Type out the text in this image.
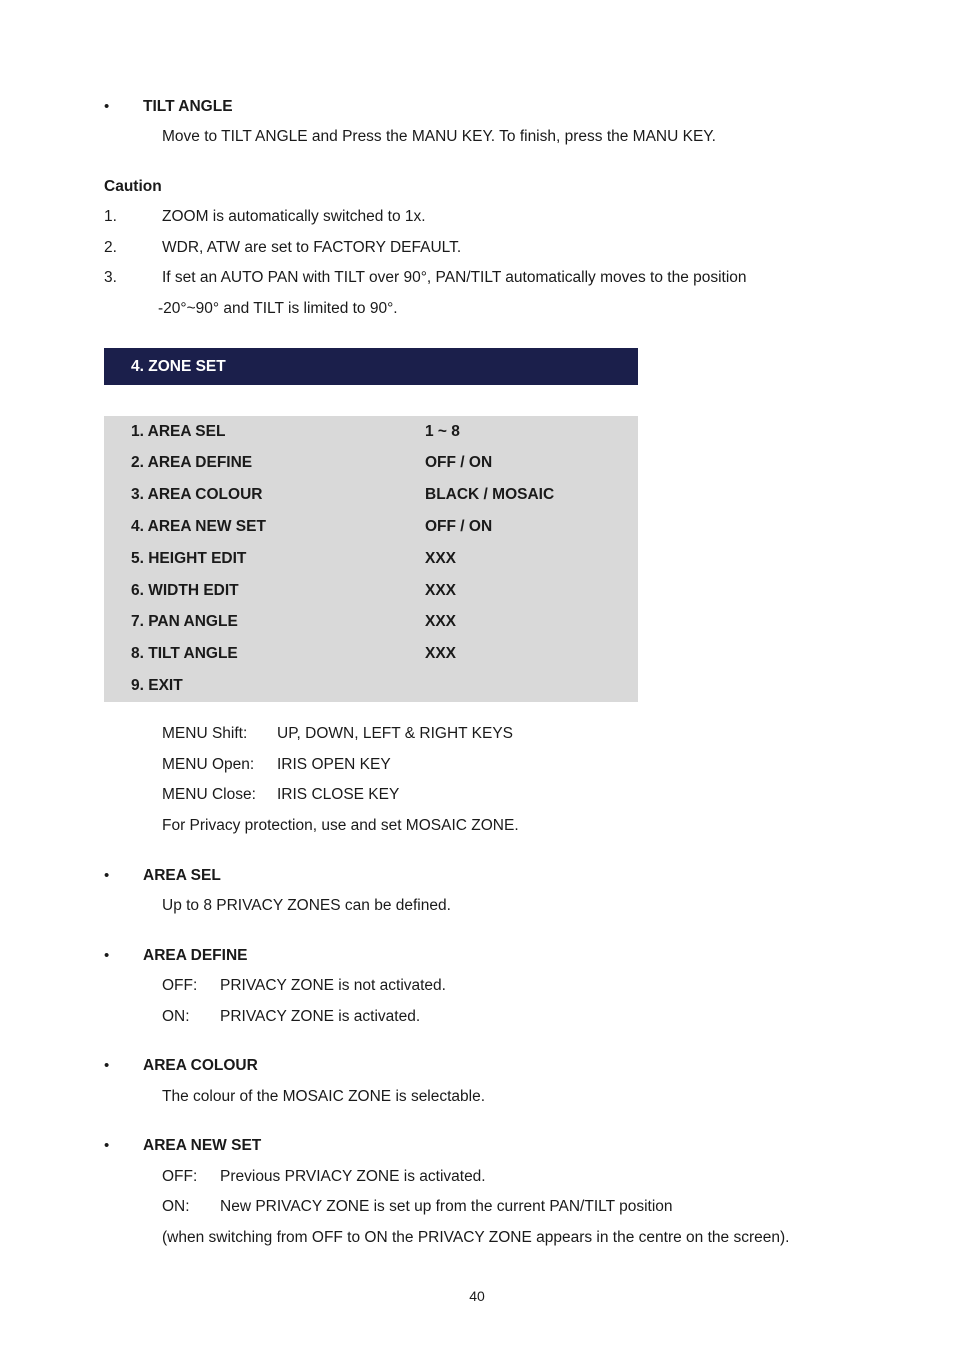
• TILT ANGLE
Move to TILT ANGLE and Press the MANU KEY. To finish, press the MANU KEY.
Caution
1.	ZOOM is automatically switched to 1x.
2.	WDR, ATW are set to FACTORY DEFAULT.
3.	If set an AUTO PAN with TILT over 90°, PAN/TILT automatically moves to the position
-20°~90° and TILT is limited to 90°.
4. ZONE SET
1. AREA SEL	1 ~ 8
2. AREA DEFINE	OFF / ON
3. AREA COLOUR	BLACK / MOSAIC
4. AREA NEW SET	OFF / ON
5. HEIGHT EDIT	XXX
6. WIDTH EDIT	XXX
7. PAN ANGLE	XXX
8. TILT ANGLE	XXX
9. EXIT
MENU Shift: UP, DOWN, LEFT & RIGHT KEYS
MENU Open: IRIS OPEN KEY
MENU Close: IRIS CLOSE KEY
For Privacy protection, use and set MOSAIC ZONE.
• AREA SEL
Up to 8 PRIVACY ZONES can be defined.
• AREA DEFINE
OFF: PRIVACY ZONE is not activated.
ON: PRIVACY ZONE is activated.
• AREA COLOUR
The colour of the MOSAIC ZONE is selectable.
• AREA NEW SET
OFF: Previous PRVIACY ZONE is activated.
ON: New PRIVACY ZONE is set up from the current PAN/TILT position
(when switching from OFF to ON the PRIVACY ZONE appears in the centre on the screen).
40
